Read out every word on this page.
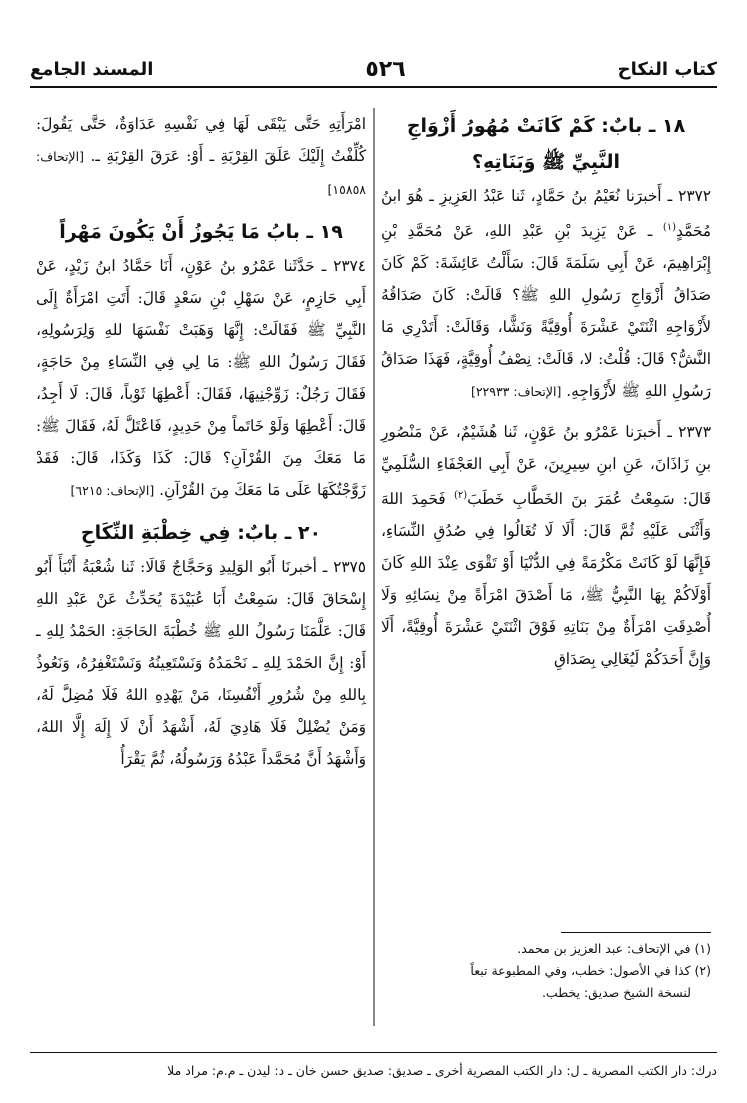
كتاب النكاح
٥٢٦
المسند الجامع
١٨ ـ بابٌ: كَمْ كَانَتْ مُهُورُ أَزْوَاجِ النَّبِيِّ ﷺ وَبَنَاتِهِ؟

٢٣٧٢ ـ أَخبرَنا نُعَيْمُ بنُ حَمَّادٍ، ثَنا عَبْدُ العَزِيزِ ـ هُوَ ابنُ مُحَمَّدٍ$^{(١)}$ ـ عَنْ يَزِيدَ بْنِ عَبْدِ اللهِ، عَنْ مُحَمَّدِ بْنِ إِبْرَاهِيمَ، عَنْ أَبِي سَلَمَةَ قَالَ: سَأَلْتُ عَائِشَةَ: كَمْ كَانَ صَدَاقُ أَزْوَاجِ رَسُولِ اللهِ ﷺ؟ قَالَتْ: كَانَ صَدَاقُهُ لأَزْوَاجِهِ اثْنَتَيْ عَشْرَةَ أُوقِيَّةً وَنَشًّا، وَقَالَتْ: أَتَدْرِي مَا النَّشُّ؟ قَالَ: قُلْتُ: لا، قَالَتْ: نِصْفُ أُوقِيَّةٍ، فَهَذَا صَدَاقُ رَسُولِ اللهِ ﷺ لأَزْوَاجِهِ. [الإتحاف: ٢٢٩٣٣]

٢٣٧٣ ـ أَخبرَنا عَمْرُو بنُ عَوْنٍ، ثَنا هُشَيْمٌ، عَنْ مَنْصُورِ بنِ زَاذَانَ، عَنِ ابنِ سِيرِينَ، عَنْ أَبِي العَجْفَاءِ السُّلَمِيِّ قَالَ: سَمِعْتُ عُمَرَ بنَ الخَطَّابِ خَطَبَ$^{(٢)}$ فَحَمِدَ اللهَ وَأَثْنَى عَلَيْهِ ثُمَّ قَالَ: أَلَا لَا تُغَالُوا فِي صُدُقِ النِّسَاءِ، فَإِنَّهَا لَوْ كَانَتْ مَكْرُمَةً فِي الدُّنْيَا أَوْ تَقْوَى عِنْدَ اللهِ كَانَ أَوْلَاكُمْ بِهَا النَّبِيُّ ﷺ، مَا أَصْدَقَ امْرَأَةً مِنْ نِسَائِهِ وَلَا أُصْدِقَتِ امْرَأَةٌ مِنْ بَنَاتِهِ فَوْقَ اثْنَتَيْ عَشْرَةَ أُوقِيَّةً، أَلَا وَإِنَّ أَحَدَكُمْ لَيُغَالِي بِصَدَاقِ

امْرَأَتِهِ حَتَّى يَبْقَى لَهَا فِي نَفْسِهِ عَدَاوَةٌ، حَتَّى يَقُولَ: كُلِّفْتُ إِلَيْكَ عَلَقَ القِرْبَةِ ـ أَوْ: عَرَقَ القِرْبَةِ ـ. [الإتحاف: ١٥٨٥٨]

١٩ ـ بابُ مَا يَجُوزُ أَنْ يَكُونَ مَهْراً

٢٣٧٤ ـ حَدَّثَنا عَمْرُو بنُ عَوْنٍ، أَنَا حَمَّادُ ابنُ زَيْدٍ، عَنْ أَبِي حَازِمٍ، عَنْ سَهْلِ بْنِ سَعْدٍ قَالَ: أَتَتِ امْرَأَةٌ إِلَى النَّبِيِّ ﷺ فَقَالَتْ: إِنَّهَا وَهَبَتْ نَفْسَهَا للهِ وَلِرَسُولِهِ، فَقَالَ رَسُولُ اللهِ ﷺ: مَا لِي فِي النِّسَاءِ مِنْ حَاجَةٍ، فَقَالَ رَجُلٌ: زَوِّجْنِيهَا، فَقَالَ: أَعْطِهَا ثَوْباً، قَالَ: لَا أَجِدُ، قَالَ: أَعْطِهَا وَلَوْ خَاتَماً مِنْ حَدِيدٍ، فَاعْتَلَّ لَهُ، فَقَالَ ﷺ: مَا مَعَكَ مِنَ القُرْآنِ؟ قَالَ: كَذَا وَكَذَا، قَالَ: فَقَدْ زَوَّجْتُكَهَا عَلَى مَا مَعَكَ مِنَ القُرْآنِ. [الإتحاف: ٦٢١٥]

٢٠ ـ بابٌ: فِي خِطْبَةِ النِّكَاحِ

٢٣٧٥ ـ أخبرنَا أَبُو الوَلِيدِ وَحَجَّاجٌ قَالَا: ثَنا شُعْبَةُ أَنْبَأَ أَبُو إِسْحَاقَ قَالَ: سَمِعْتُ أَبَا عُبَيْدَةَ يُحَدِّثُ عَنْ عَبْدِ اللهِ قَالَ: عَلَّمَنَا رَسُولُ اللهِ ﷺ خُطْبَةَ الحَاجَةِ: الحَمْدُ لِلهِ ـ أَوْ: إِنَّ الحَمْدَ لِلهِ ـ نَحْمَدُهُ وَنَسْتَعِينُهُ وَنَسْتَغْفِرُهُ، وَنَعُوذُ بِاللهِ مِنْ شُرُورِ أَنْفُسِنَا، مَنْ يَهْدِهِ اللهُ فَلَا مُضِلَّ لَهُ، وَمَنْ يُضْلِلْ فَلَا هَادِيَ لَهُ، أَشْهَدُ أَنْ لَا إِلَهَ إِلَّا اللهُ، وَأَشْهَدُ أَنَّ مُحَمَّداً عَبْدُهُ وَرَسُولُهُ، ثُمَّ يَقْرَأُ

(١) في الإتحاف: عبد العزيز بن محمد.

(٢) كذا في الأصول: خطب، وفي المطبوعة تبعاً

لنسخة الشيخ صديق: يخطب.

درك: دار الكتب المصرية ـ ل: دار الكتب المصرية أخرى ـ صديق: صديق حسن خان ـ د: ليدن ـ م.م: مراد ملا
